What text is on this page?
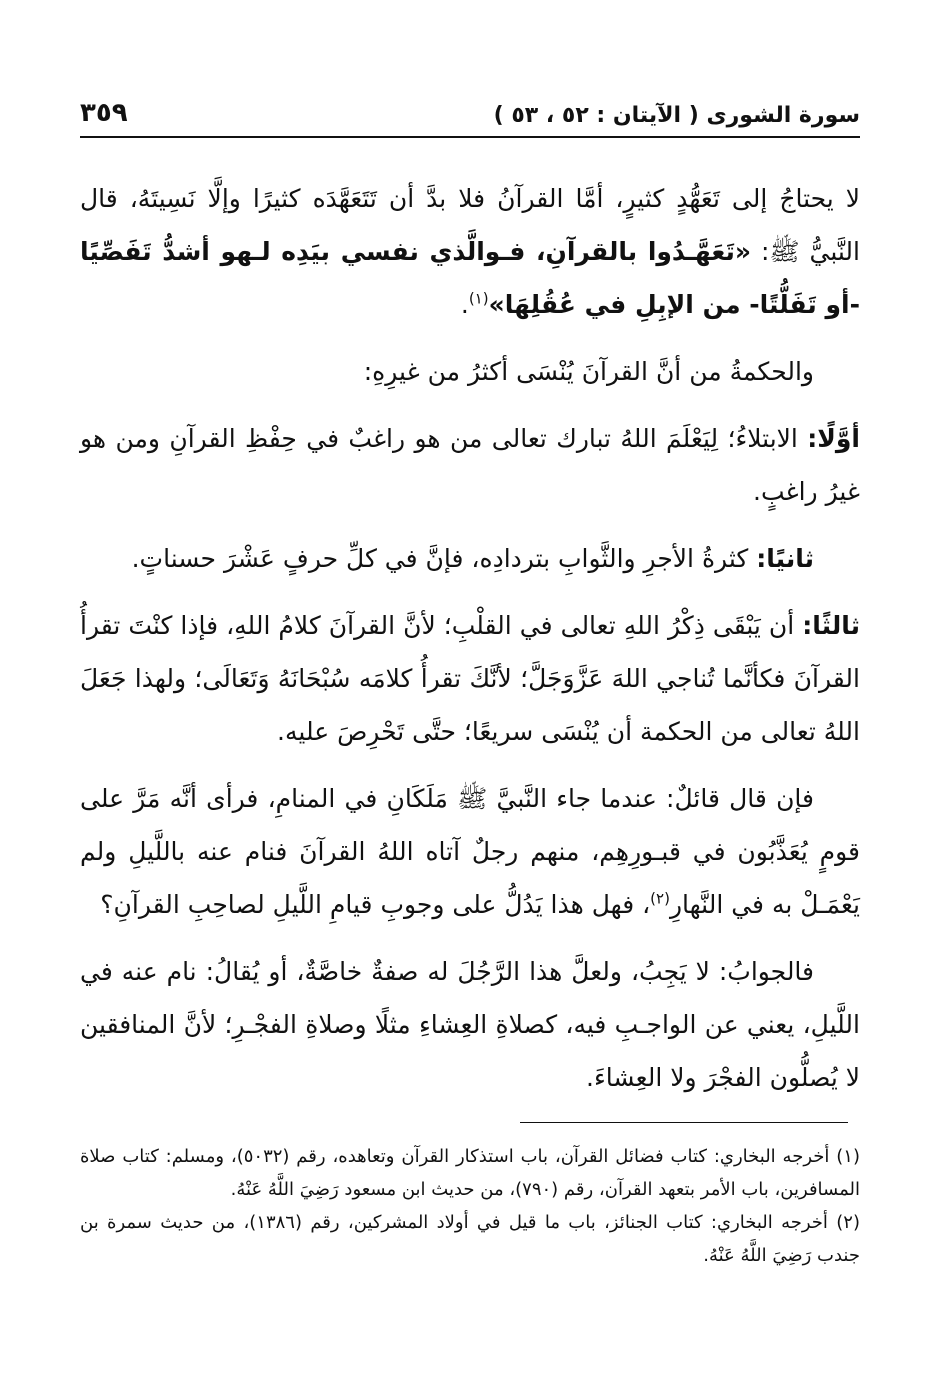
٣٥٩	سورة الشورى ( الآيتان : ٥٢ ، ٥٣ )

لا يحتاجُ إلى تَعَهُّدٍ كثيرٍ، أمَّا القرآنُ فلا بدَّ أن تَتَعَهَّدَه كثيرًا وإلَّا نَسِيتَهُ، قال النَّبيُّ ﷺ: «تَعَهَّـدُوا بالقرآنِ، فـوالَّذي نفسي بيَدِه لـهو أشدُّ تَفَصِّيًا -أو تَفَلُّتًا- من الإبِلِ في عُقُلِهَا»$^{(١)}$.

والحكمةُ من أنَّ القرآنَ يُنْسَى أكثرُ من غيرِهِ:

أوَّلًا: الابتلاءُ؛ لِيَعْلَمَ اللهُ تبارك تعالى من هو راغبٌ في حِفْظِ القرآنِ ومن هو غيرُ راغبٍ.

ثانيًا: كثرةُ الأجرِ والثَّوابِ بتردادِه، فإنَّ في كلِّ حرفٍ عَشْرَ حسناتٍ.

ثالثًا: أن يَبْقَى ذِكْرُ اللهِ تعالى في القلْبِ؛ لأنَّ القرآنَ كلامُ اللهِ، فإذا كنْتَ تقرأُ القرآنَ فكأنَّما تُناجي اللهَ عَزَّوَجَلَّ؛ لأنَّكَ تقرأُ كلامَه سُبْحَانَهُ وَتَعَالَى؛ ولهذا جَعَلَ اللهُ تعالى من الحكمة أن يُنْسَى سريعًا؛ حتَّى تَحْرِصَ عليه.

فإن قال قائلٌ: عندما جاء النَّبيَّ ﷺ مَلَكَانِ في المنامِ، فرأى أنَّه مَرَّ على قومٍ يُعَذَّبُون في قبـورِهِم، منهم رجلٌ آتاه اللهُ القرآنَ فنام عنه باللَّيلِ ولم يَعْمَـلْ به في النَّهارِ$^{(٢)}$، فهل هذا يَدُلُّ على وجوبِ قيامِ اللَّيلِ لصاحِبِ القرآنِ؟

فالجوابُ: لا يَجِبُ، ولعلَّ هذا الرَّجُلَ له صفةٌ خاصَّةٌ، أو يُقالُ: نام عنه في اللَّيلِ، يعني عن الواجـبِ فيه، كصلاةِ العِشاءِ مثلًا وصلاةِ الفجْـرِ؛ لأنَّ المنافقين لا يُصلُّون الفجْرَ ولا العِشاءَ.

(١) أخرجه البخاري: كتاب فضائل القرآن، باب استذكار القرآن وتعاهده، رقم (٥٠٣٢)، ومسلم: كتاب صلاة المسافرين، باب الأمر بتعهد القرآن، رقم (٧٩٠)، من حديث ابن مسعود رَضِيَ اللَّهُ عَنْهُ.

(٢) أخرجه البخاري: كتاب الجنائز، باب ما قيل في أولاد المشركين، رقم (١٣٨٦)، من حديث سمرة بن جندب رَضِيَ اللَّهُ عَنْهُ.
